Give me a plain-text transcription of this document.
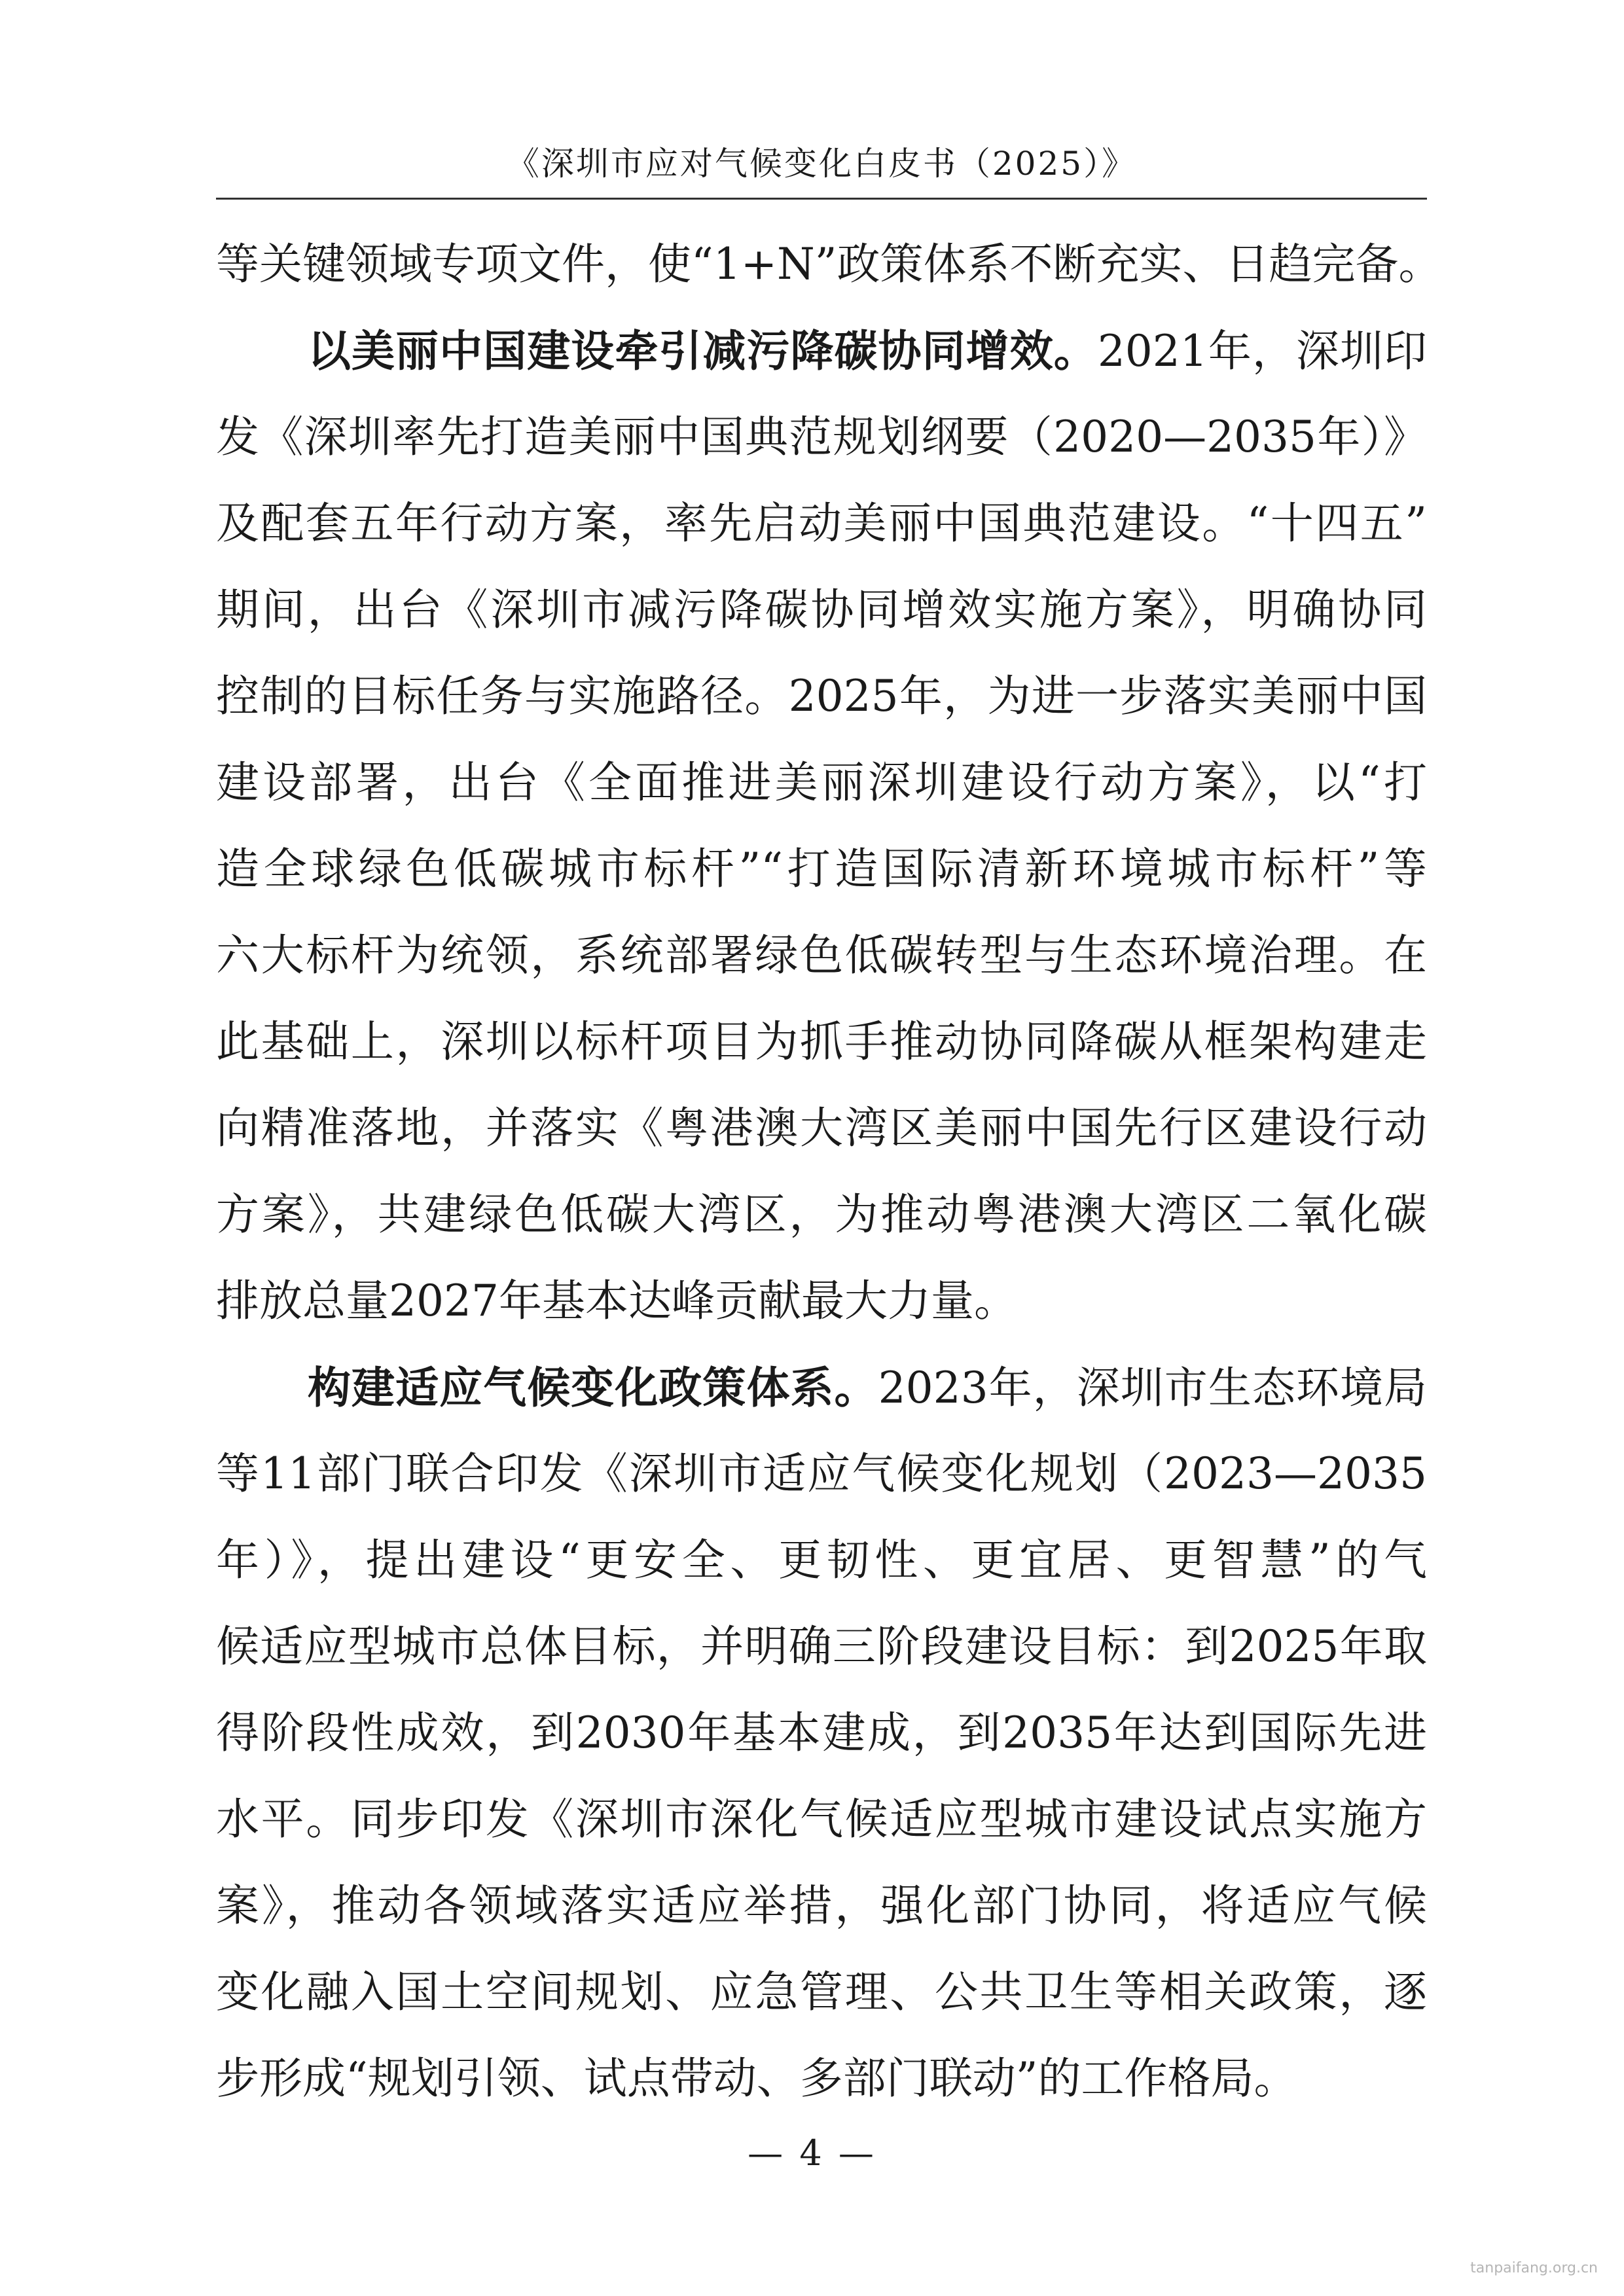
《深圳市应对气候变化白皮书（2025）》
等关键领域专项文件，使“1+N”政策体系不断充实、日趋完备。
以美丽中国建设牵引减污降碳协同增效。2021年，深圳印
发《深圳率先打造美丽中国典范规划纲要（2020—2035年）》
及配套五年行动方案，率先启动美丽中国典范建设。“十四五”
期间，出台《深圳市减污降碳协同增效实施方案》，明确协同
控制的目标任务与实施路径。2025年，为进一步落实美丽中国
建设部署，出台《全面推进美丽深圳建设行动方案》，以“打
造全球绿色低碳城市标杆”“打造国际清新环境城市标杆”等
六大标杆为统领，系统部署绿色低碳转型与生态环境治理。在
此基础上，深圳以标杆项目为抓手推动协同降碳从框架构建走
向精准落地，并落实《粤港澳大湾区美丽中国先行区建设行动
方案》，共建绿色低碳大湾区，为推动粤港澳大湾区二氧化碳
排放总量2027年基本达峰贡献最大力量。
构建适应气候变化政策体系。2023年，深圳市生态环境局
等11部门联合印发《深圳市适应气候变化规划（2023—2035
年）》，提出建设“更安全、更韧性、更宜居、更智慧”的气
候适应型城市总体目标，并明确三阶段建设目标：到2025年取
得阶段性成效，到2030年基本建成，到2035年达到国际先进
水平。同步印发《深圳市深化气候适应型城市建设试点实施方
案》，推动各领域落实适应举措，强化部门协同，将适应气候
变化融入国土空间规划、应急管理、公共卫生等相关政策，逐
步形成“规划引领、试点带动、多部门联动”的工作格局。
— 4 —
tanpaifang.org.cn
